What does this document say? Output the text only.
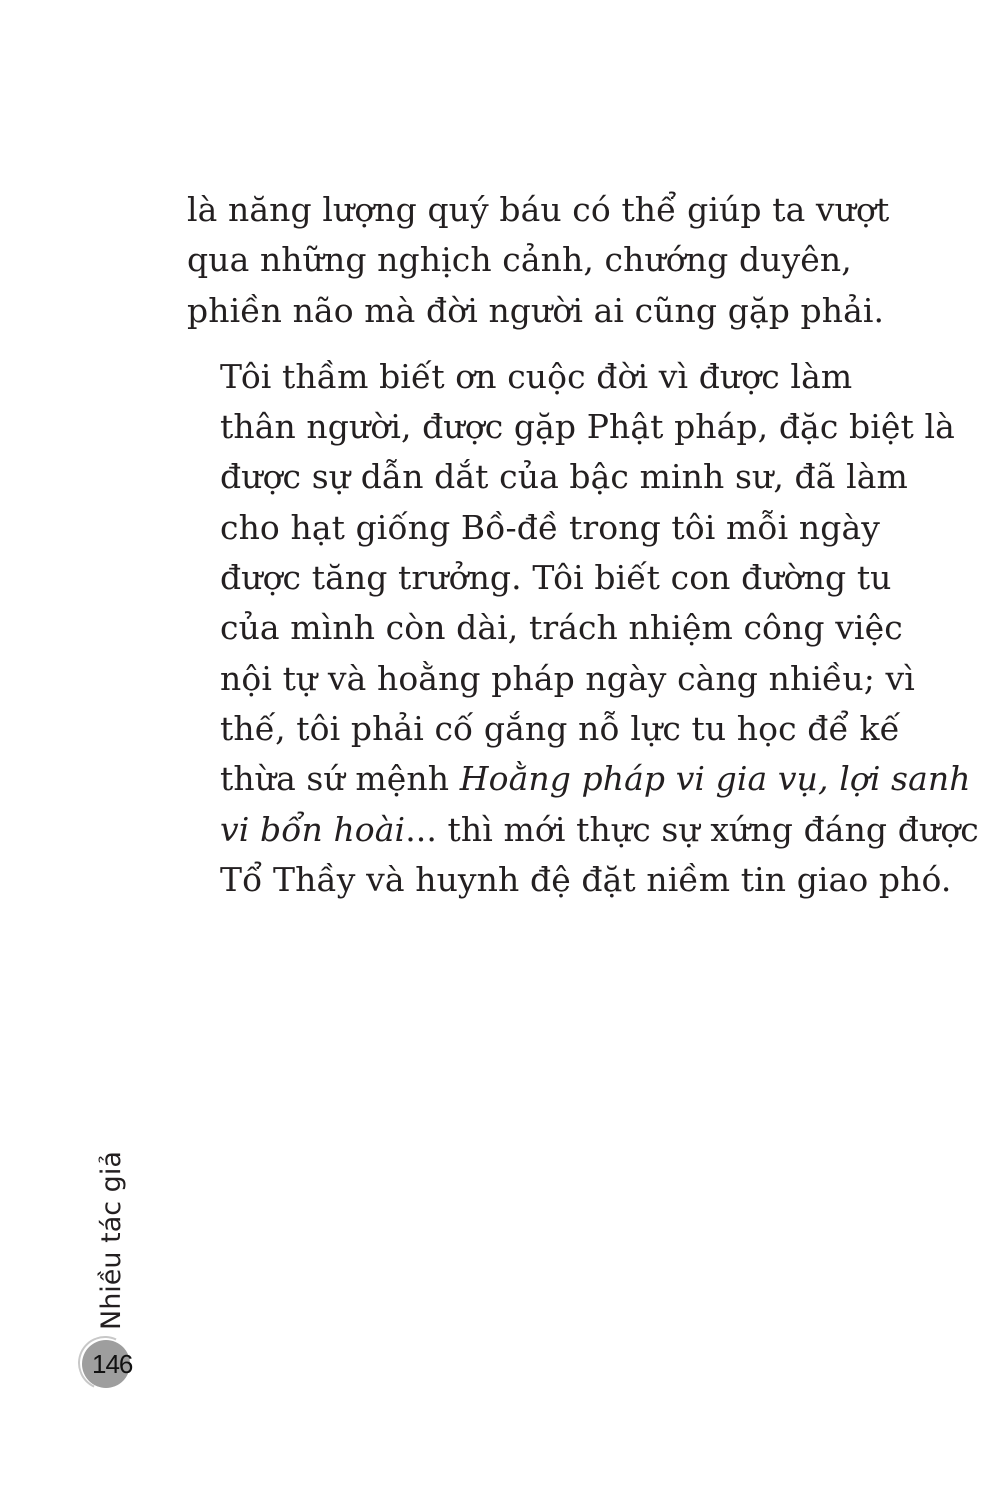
là năng lượng quý báu có thể giúp ta vượt
qua những nghịch cảnh, chướng duyên,
phiền não mà đời người ai cũng gặp phải.

Tôi thầm biết ơn cuộc đời vì được làm
thân người, được gặp Phật pháp, đặc biệt là
được sự dẫn dắt của bậc minh sư, đã làm
cho hạt giống Bồ-đề trong tôi mỗi ngày
được tăng trưởng. Tôi biết con đường tu
của mình còn dài, trách nhiệm công việc
nội tự và hoằng pháp ngày càng nhiều; vì
thế, tôi phải cố gắng nỗ lực tu học để kế
thừa sứ mệnh Hoằng pháp vi gia vụ, lợi sanh
vi bổn hoài... thì mới thực sự xứng đáng được
Tổ Thầy và huynh đệ đặt niềm tin giao phó.

Nhiều tác giả
146
